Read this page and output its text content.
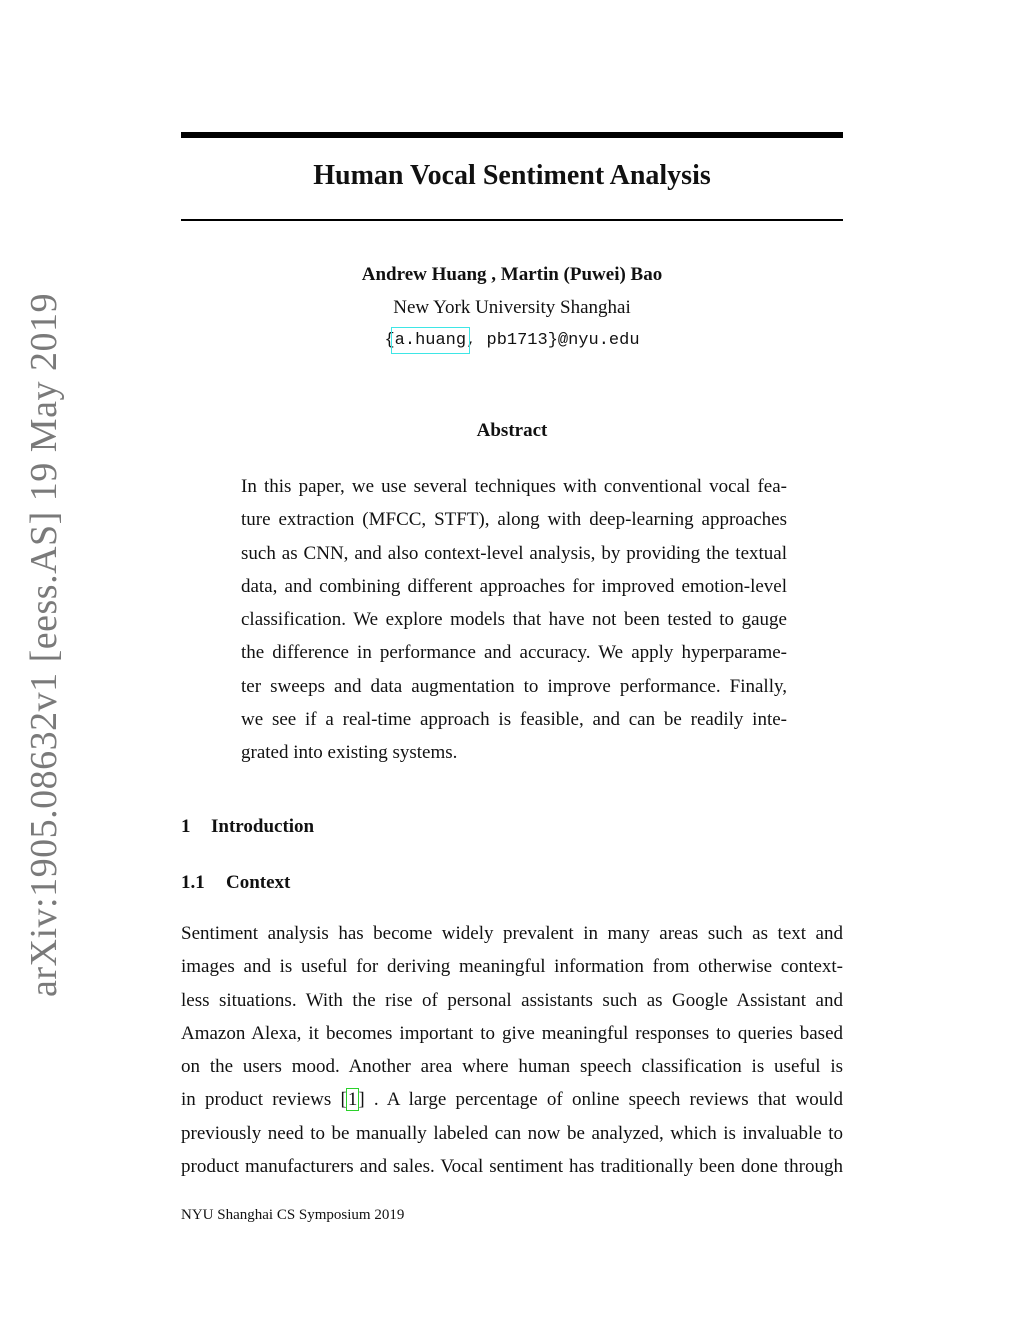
arXiv:1905.08632v1 [eess.AS] 19 May 2019
Human Vocal Sentiment Analysis
Andrew Huang , Martin (Puwei) Bao
New York University Shanghai
{a.huang, pb1713}@nyu.edu
Abstract
In this paper, we use several techniques with conventional vocal fea-
ture extraction (MFCC, STFT), along with deep-learning approaches
such as CNN, and also context-level analysis, by providing the textual
data, and combining different approaches for improved emotion-level
classification. We explore models that have not been tested to gauge
the difference in performance and accuracy. We apply hyperparame-
ter sweeps and data augmentation to improve performance. Finally,
we see if a real-time approach is feasible, and can be readily inte-
grated into existing systems.
1 Introduction
1.1 Context
Sentiment analysis has become widely prevalent in many areas such as text and
images and is useful for deriving meaningful information from otherwise context-
less situations. With the rise of personal assistants such as Google Assistant and
Amazon Alexa, it becomes important to give meaningful responses to queries based
on the users mood. Another area where human speech classification is useful is
in product reviews [1] . A large percentage of online speech reviews that would
previously need to be manually labeled can now be analyzed, which is invaluable to
product manufacturers and sales. Vocal sentiment has traditionally been done through
NYU Shanghai CS Symposium 2019
